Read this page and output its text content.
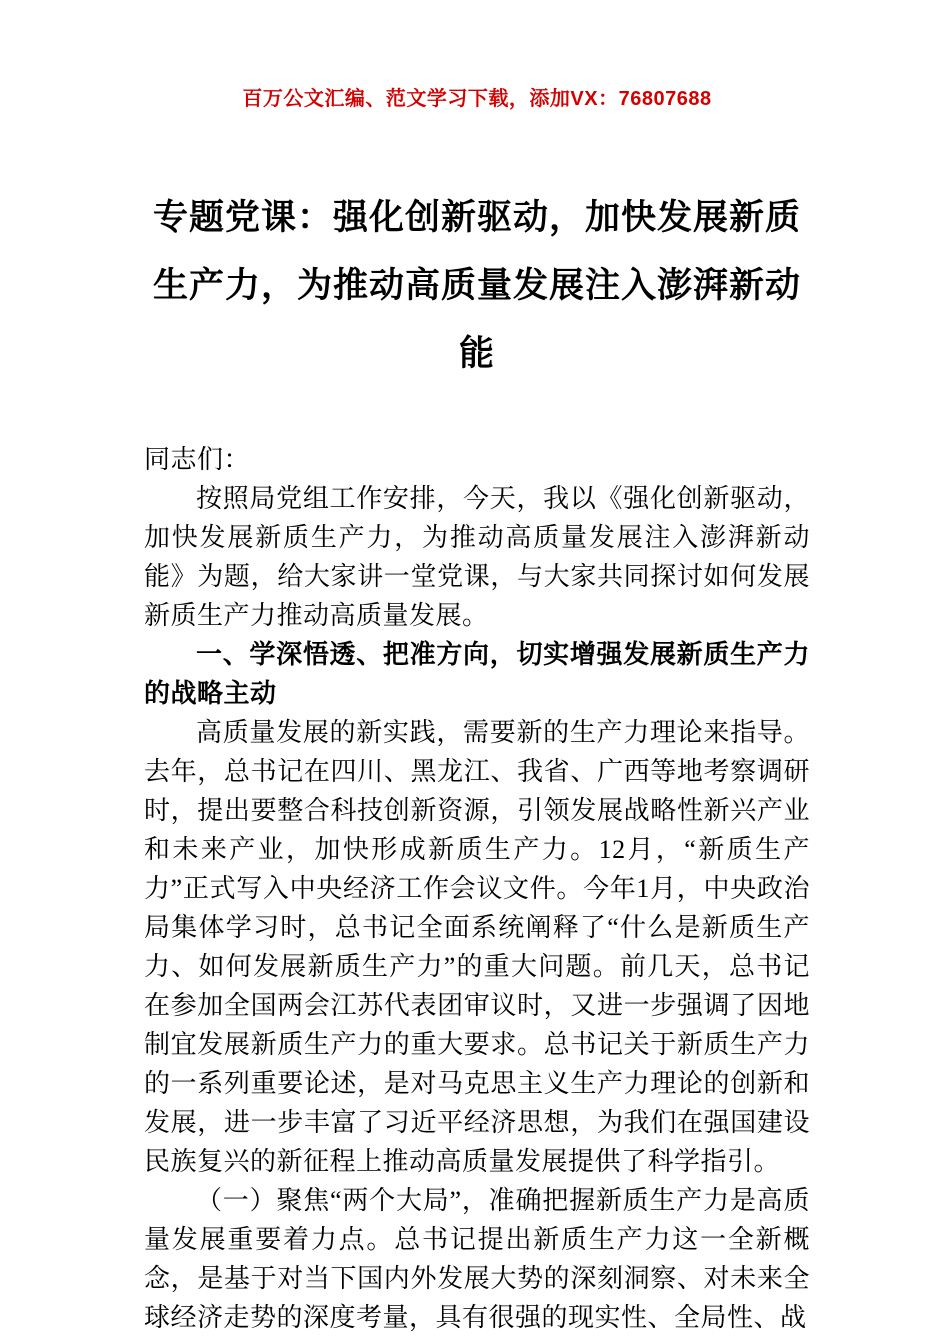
百万公文汇编、范文学习下载，添加VX：76807688
专题党课：强化创新驱动，加快发展新质
生产力，为推动高质量发展注入澎湃新动
能

同志们：

按照局党组工作安排，今天，我以《强化创新驱动，加快发展新质生产力，为推动高质量发展注入澎湃新动能》为题，给大家讲一堂党课，与大家共同探讨如何发展新质生产力推动高质量发展。

一、学深悟透、把准方向，切实增强发展新质生产力的战略主动

高质量发展的新实践，需要新的生产力理论来指导。去年，总书记在四川、黑龙江、我省、广西等地考察调研时，提出要整合科技创新资源，引领发展战略性新兴产业和未来产业，加快形成新质生产力。12月，“新质生产力”正式写入中央经济工作会议文件。今年1月，中央政治局集体学习时，总书记全面系统阐释了“什么是新质生产力、如何发展新质生产力”的重大问题。前几天，总书记在参加全国两会江苏代表团审议时，又进一步强调了因地制宜发展新质生产力的重大要求。总书记关于新质生产力的一系列重要论述，是对马克思主义生产力理论的创新和发展，进一步丰富了习近平经济思想，为我们在强国建设民族复兴的新征程上推动高质量发展提供了科学指引。

（一）聚焦“两个大局”，准确把握新质生产力是高质量发展重要着力点。总书记提出新质生产力这一全新概念，是基于对当下国内外发展大势的深刻洞察、对未来全球经济走势的深度考量，具有很强的现实性、全局性、战
